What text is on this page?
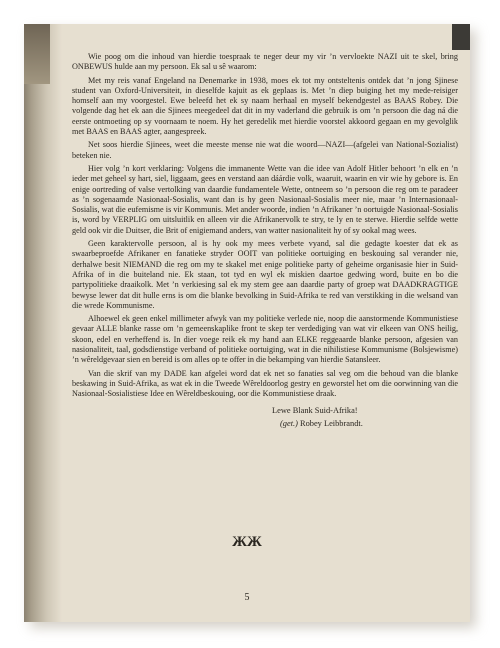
Wie poog om die inhoud van hierdie toespraak te neger deur my vir ’n vervloekte NAZI uit te skel, bring ONBEWUS hulde aan my persoon. Ek sal u sê waarom:

Met my reis vanaf Engeland na Denemarke in 1938, moes ek tot my ontsteltenis ontdek dat ’n jong Sjinese student van Oxford-Universiteit, in dieselfde kajuit as ek geplaas is. Met ’n diep buiging het my mede-reisiger homself aan my voorgestel. Ewe beleefd het ek sy naam herhaal en myself bekendgestel as BAAS Robey. Die volgende dag het ek aan die Sjinees meegedeel dat dit in my vaderland die gebruik is om ’n persoon die dag ná die eerste ontmoeting op sy voornaam te noem. Hy het geredelik met hierdie voorstel akkoord gegaan en my gevolglik met BAAS en BAAS agter, aangespreek.

Net soos hierdie Sjinees, weet die meeste mense nie wat die woord—NAZI—(afgelei van National-Sozialist) beteken nie.

Hier volg ’n kort verklaring: Volgens die immanente Wette van die idee van Adolf Hitler behoort ’n elk en ’n ieder met geheel sy hart, siel, liggaam, gees en verstand aan dáárdie volk, waaruit, waarin en vir wie hy gebore is. En enige oortreding of valse vertolking van daardie fundamentele Wette, ontneem so ’n persoon die reg om te paradeer as ’n sogenaamde Nasionaal-Sosialis, want dan is hy geen Nasionaal-Sosialis meer nie, maar ’n Internasionaal-Sosialis, wat die eufemisme is vir Kommunis. Met ander woorde, indien ’n Afrikaner ’n oortuigde Nasionaal-Sosialis is, word by VERPLIG om uitsluitlik en alleen vir die Afrikanervolk te stry, te ly en te sterwe. Hierdie selfde wette geld ook vir die Duitser, die Brit of enigiemand anders, van watter nasionaliteit hy of sy ookal mag wees.

Geen karaktervolle persoon, al is hy ook my mees verbete vyand, sal die gedagte koester dat ek as swaarbeproefde Afrikaner en fanatieke stryder OOIT van politieke oortuiging en beskouing sal verander nie, derhalwe besit NIEMAND die reg om my te skakel met enige politieke party of geheime organisasie hier in Suid-Afrika of in die buiteland nie. Ek staan, tot tyd en wyl ek miskien daartoe gedwing word, buite en bo die partypolitieke draaikolk. Met ’n verkiesing sal ek my stem gee aan daardie party of groep wat DAADKRAGTIGE bewyse lewer dat dit hulle erns is om die blanke bevolking in Suid-Afrika te red van verstikking in die welsand van die wrede Kommunisme.

Alhoewel ek geen enkel millimeter afwyk van my politieke verlede nie, noop die aanstormende Kommunistiese gevaar ALLE blanke rasse om ’n gemeenskaplike front te skep ter verdediging van wat vir elkeen van ONS heilig, skoon, edel en verheffend is. In dier voege reik ek my hand aan ELKE reggeaarde blanke persoon, afgesien van nasionaliteit, taal, godsdienstige verband of politieke oortuiging, wat in die nihilistiese Kommunisme (Bolsjewisme) ’n wêreldgevaar sien en bereid is om alles op te offer in die bekamping van hierdie Satansleer.

Van die skrif van my DADE kan afgelei word dat ek net so fanaties sal veg om die behoud van die blanke beskawing in Suid-Afrika, as wat ek in die Tweede Wêreldoorlog gestry en geworstel het om die oorwinning van die Nasionaal-Sosialistiese Idee en Wêreldbeskouing, oor die Kommunistiese draak.

Lewe Blank Suid-Afrika!
(get.) Robey Leibbrandt.
ЖЖ
5
